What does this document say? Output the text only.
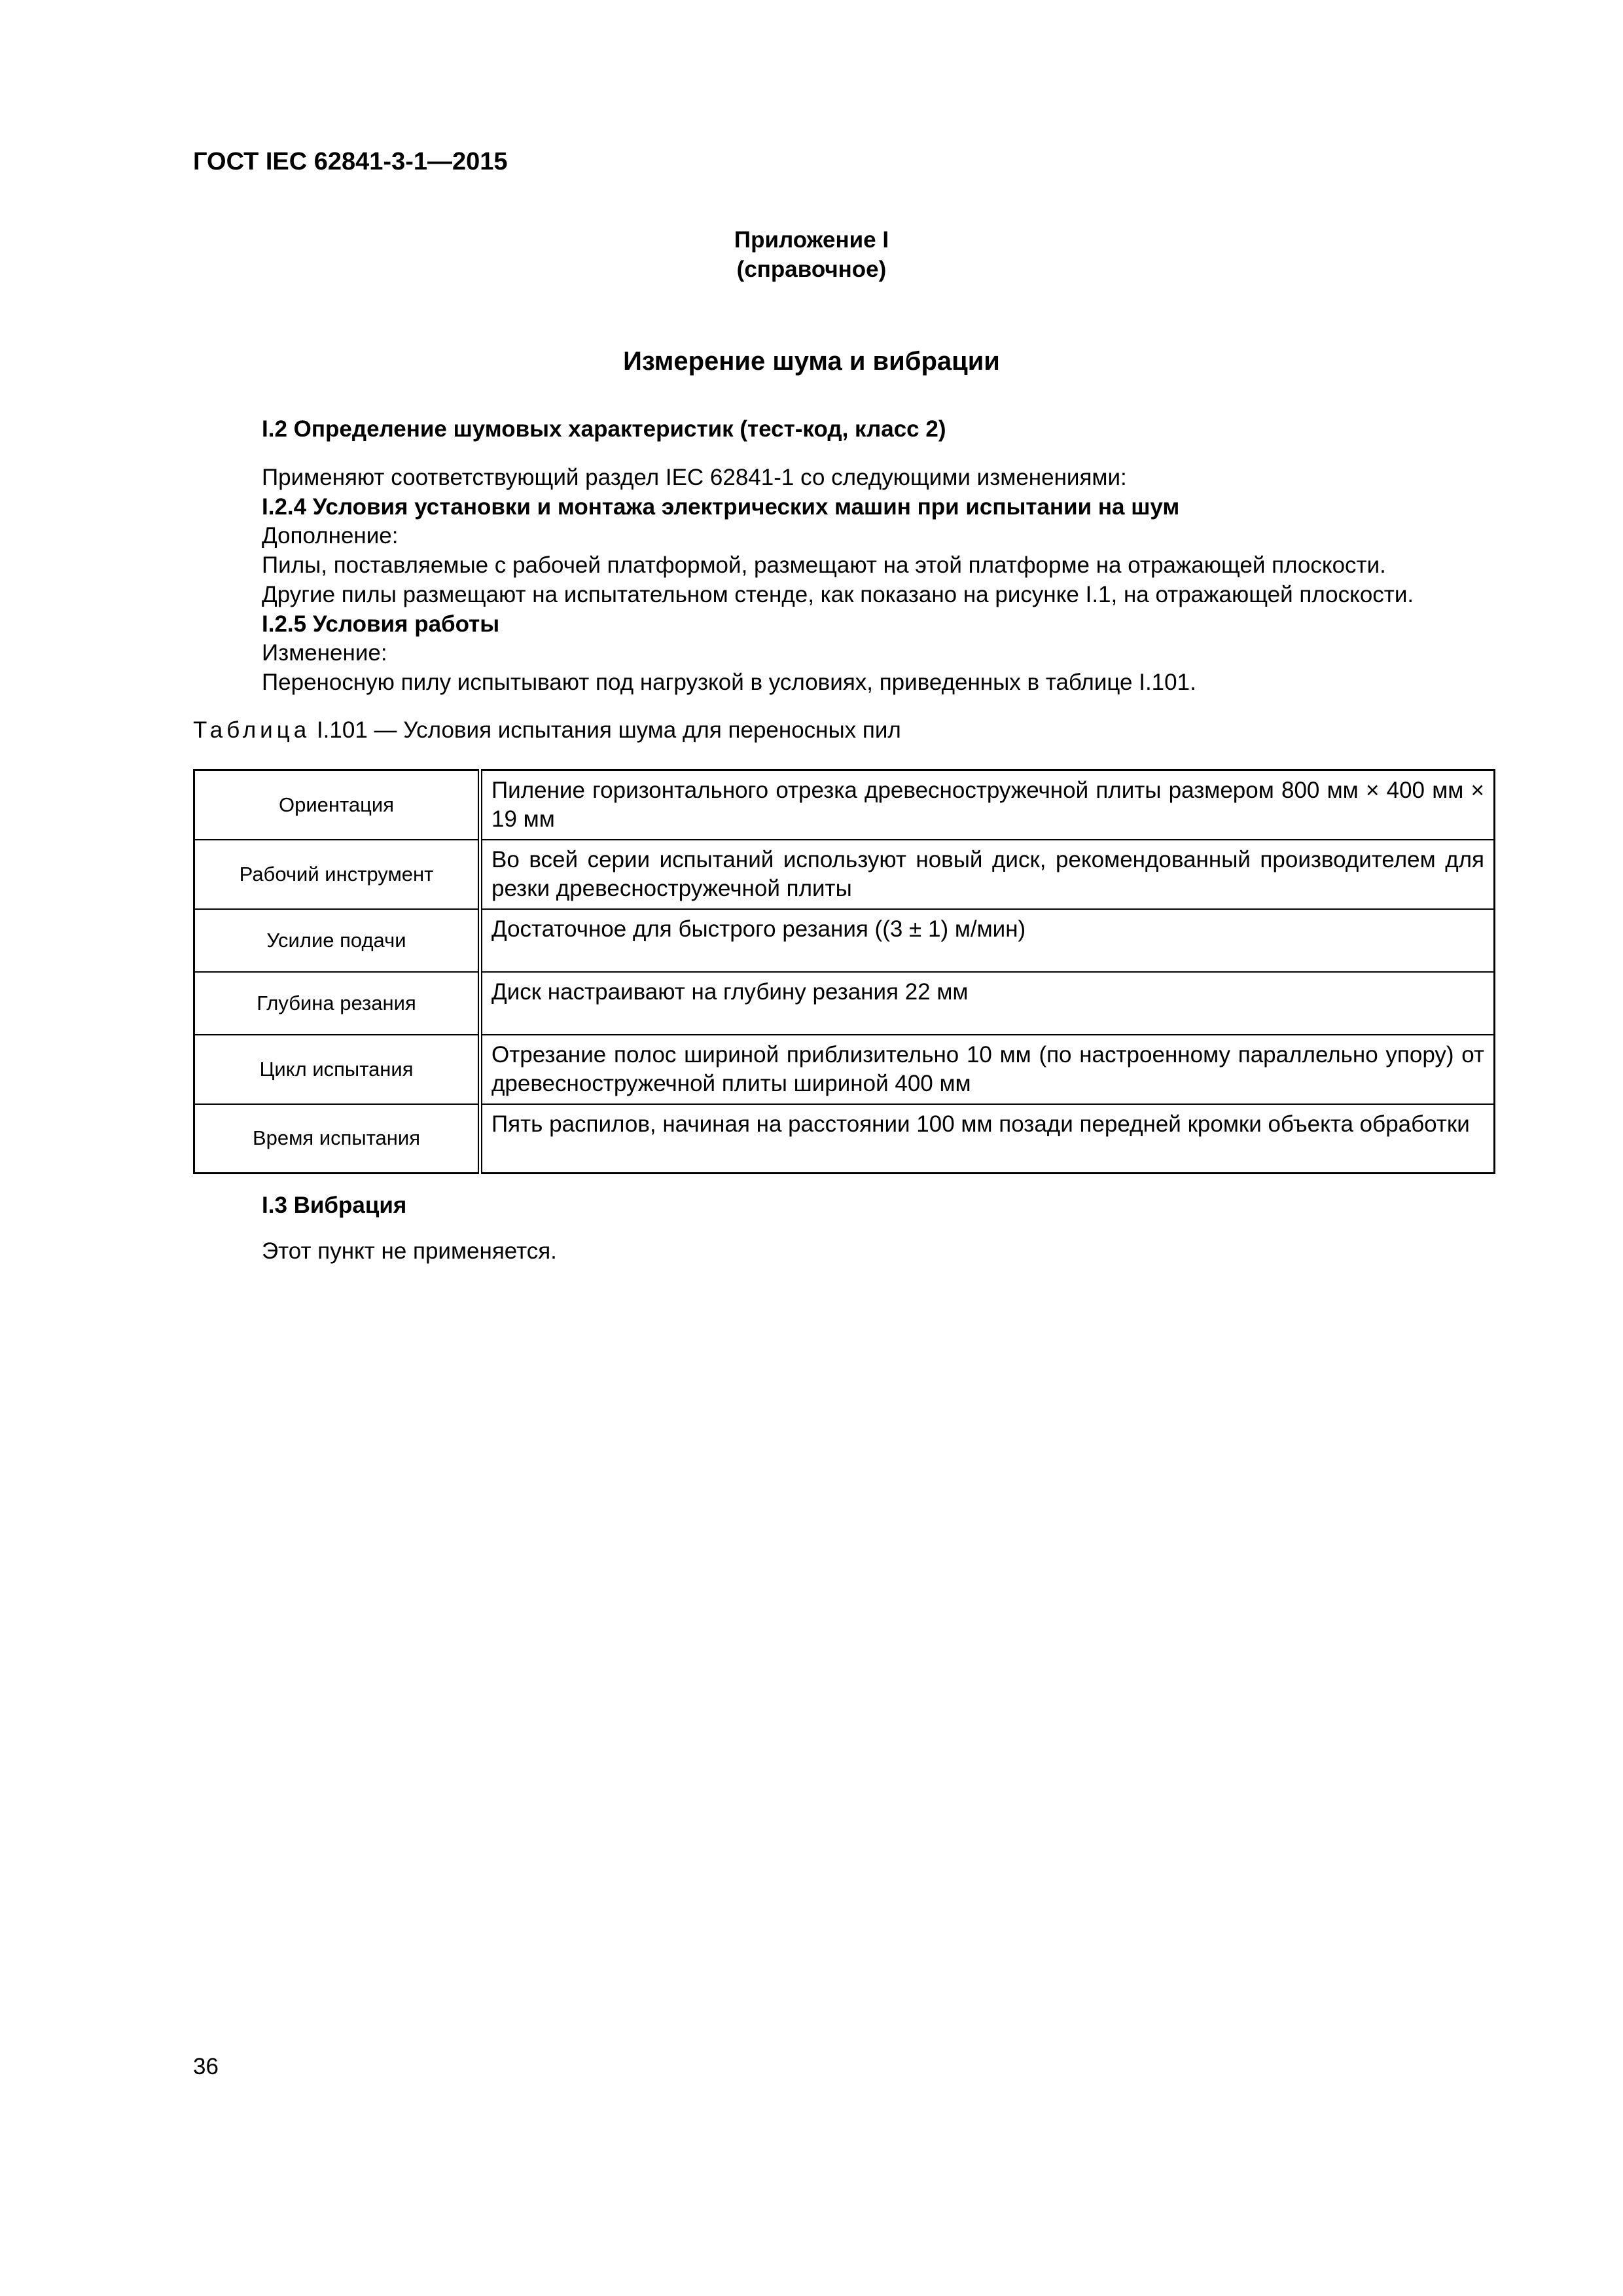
ГОСТ IEC 62841-3-1—2015
Приложение I
(справочное)
Измерение шума и вибрации
I.2 Определение шумовых характеристик (тест-код, класс 2)
Применяют соответствующий раздел IEC 62841-1 со следующими изменениями:
I.2.4 Условия установки и монтажа электрических машин при испытании на шум
Дополнение:
Пилы, поставляемые с рабочей платформой, размещают на этой платформе на отражающей плоскости.
Другие пилы размещают на испытательном стенде, как показано на рисунке I.1, на отражающей плоскости.
I.2.5 Условия работы
Изменение:
Переносную пилу испытывают под нагрузкой в условиях, приведенных в таблице I.101.
Таблица I.101 — Условия испытания шума для переносных пил
Ориентация	Пиление горизонтального отрезка древесностружечной плиты размером 800 мм × 400 мм × 19 мм
Рабочий инструмент	Во всей серии испытаний используют новый диск, рекомендованный производителем для резки древесностружечной плиты
Усилие подачи	Достаточное для быстрого резания ((3 ± 1) м/мин)
Глубина резания	Диск настраивают на глубину резания 22 мм
Цикл испытания	Отрезание полос шириной приблизительно 10 мм (по настроенному параллельно упору) от древесностружечной плиты шириной 400 мм
Время испытания	Пять распилов, начиная на расстоянии 100 мм позади передней кромки объекта обработки
I.3 Вибрация
Этот пункт не применяется.
36
